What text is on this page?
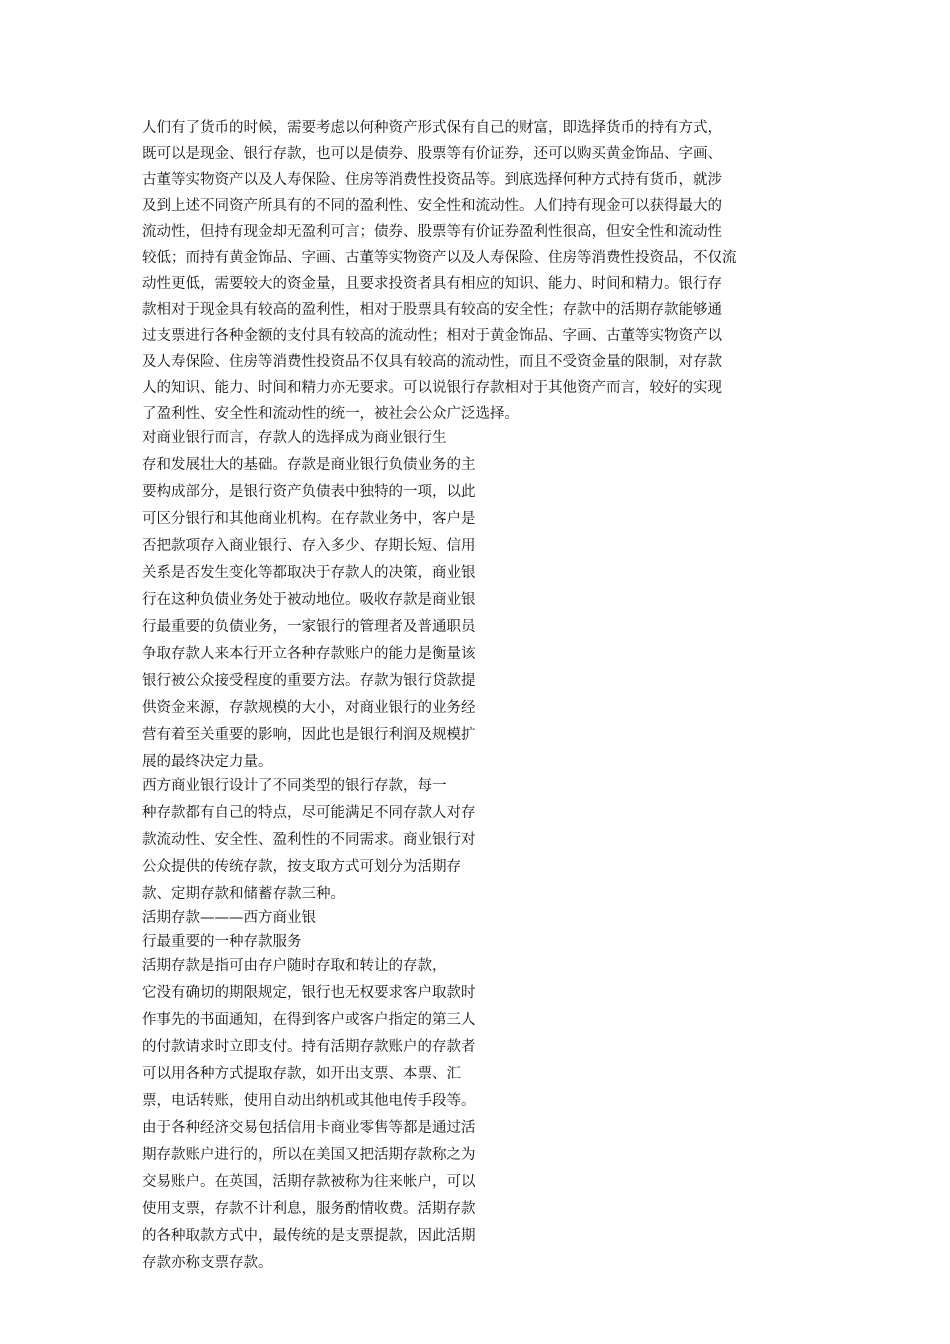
人们有了货币的时候，需要考虑以何种资产形式保有自己的财富，即选择货币的持有方式，

既可以是现金、银行存款，也可以是债券、股票等有价证券，还可以购买黄金饰品、字画、

古董等实物资产以及人寿保险、住房等消费性投资品等。到底选择何种方式持有货币，就涉

及到上述不同资产所具有的不同的盈利性、安全性和流动性。人们持有现金可以获得最大的

流动性，但持有现金却无盈利可言；债券、股票等有价证券盈利性很高，但安全性和流动性

较低；而持有黄金饰品、字画、古董等实物资产以及人寿保险、住房等消费性投资品，不仅流

动性更低，需要较大的资金量，且要求投资者具有相应的知识、能力、时间和精力。银行存

款相对于现金具有较高的盈利性，相对于股票具有较高的安全性；存款中的活期存款能够通

过支票进行各种金额的支付具有较高的流动性；相对于黄金饰品、字画、古董等实物资产以

及人寿保险、住房等消费性投资品不仅具有较高的流动性，而且不受资金量的限制，对存款

人的知识、能力、时间和精力亦无要求。可以说银行存款相对于其他资产而言，较好的实现

了盈利性、安全性和流动性的统一，被社会公众广泛选择。

对商业银行而言，存款人的选择成为商业银行生

存和发展壮大的基础。存款是商业银行负债业务的主

要构成部分，是银行资产负债表中独特的一项，以此

可区分银行和其他商业机构。在存款业务中，客户是

否把款项存入商业银行、存入多少、存期长短、信用

关系是否发生变化等都取决于存款人的决策，商业银

行在这种负债业务处于被动地位。吸收存款是商业银

行最重要的负债业务，一家银行的管理者及普通职员

争取存款人来本行开立各种存款账户的能力是衡量该

银行被公众接受程度的重要方法。存款为银行贷款提

供资金来源，存款规模的大小，对商业银行的业务经

营有着至关重要的影响，因此也是银行利润及规模扩

展的最终决定力量。

西方商业银行设计了不同类型的银行存款，每一

种存款都有自己的特点，尽可能满足不同存款人对存

款流动性、安全性、盈利性的不同需求。商业银行对

公众提供的传统存款，按支取方式可划分为活期存

款、定期存款和储蓄存款三种。

活期存款———西方商业银

行最重要的一种存款服务

活期存款是指可由存户随时存取和转让的存款，

它没有确切的期限规定，银行也无权要求客户取款时

作事先的书面通知，在得到客户或客户指定的第三人

的付款请求时立即支付。持有活期存款账户的存款者

可以用各种方式提取存款，如开出支票、本票、汇

票，电话转账，使用自动出纳机或其他电传手段等。

由于各种经济交易包括信用卡商业零售等都是通过活

期存款账户进行的，所以在美国又把活期存款称之为

交易账户。在英国，活期存款被称为往来帐户，可以

使用支票，存款不计利息，服务酌情收费。活期存款

的各种取款方式中，最传统的是支票提款，因此活期

存款亦称支票存款。
